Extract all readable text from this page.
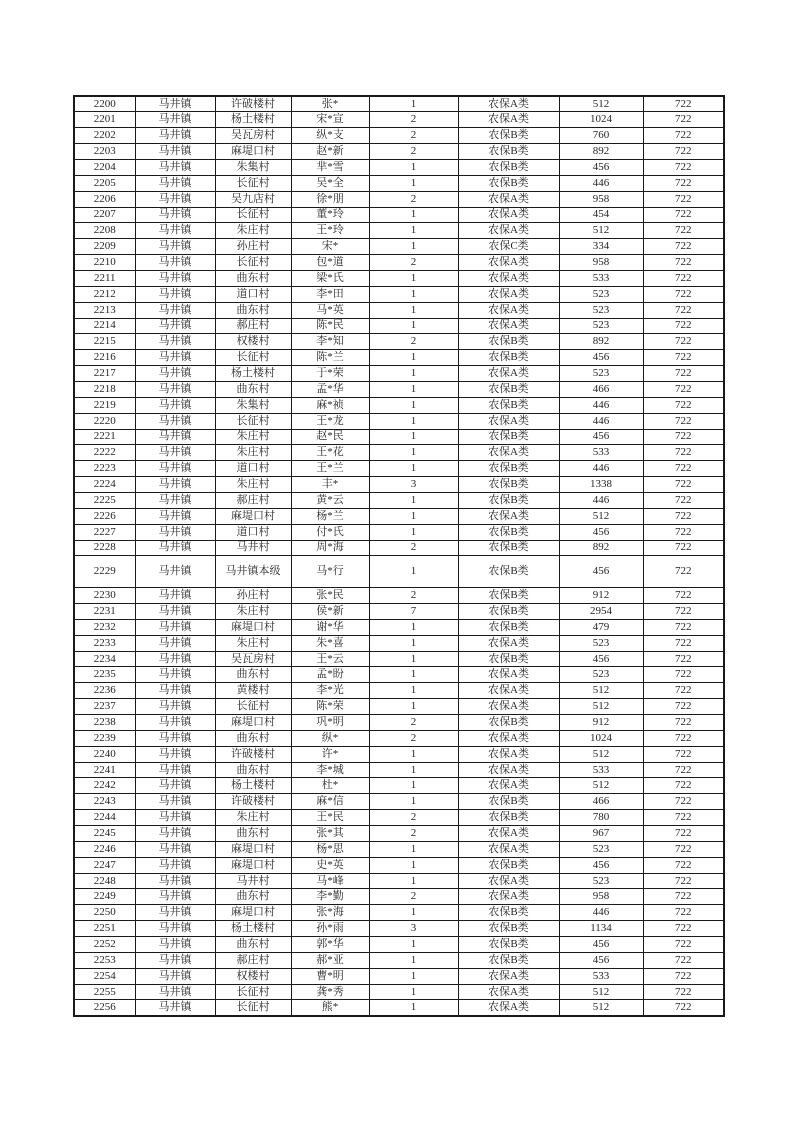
2200	马井镇	许破楼村	张*	1	农保A类	512	722
2201	马井镇	杨土楼村	宋*宣	2	农保A类	1024	722
2202	马井镇	吴瓦房村	纵*支	2	农保B类	760	722
2203	马井镇	麻堤口村	赵*新	2	农保B类	892	722
2204	马井镇	朱集村	芈*雪	1	农保B类	456	722
2205	马井镇	长征村	吴*全	1	农保B类	446	722
2206	马井镇	吴九店村	徐*朋	2	农保A类	958	722
2207	马井镇	长征村	董*玲	1	农保A类	454	722
2208	马井镇	朱庄村	王*玲	1	农保A类	512	722
2209	马井镇	孙庄村	宋*	1	农保C类	334	722
2210	马井镇	长征村	包*道	2	农保A类	958	722
2211	马井镇	曲东村	梁*氏	1	农保A类	533	722
2212	马井镇	道口村	李*田	1	农保A类	523	722
2213	马井镇	曲东村	马*英	1	农保A类	523	722
2214	马井镇	郝庄村	陈*民	1	农保A类	523	722
2215	马井镇	权楼村	李*知	2	农保B类	892	722
2216	马井镇	长征村	陈*兰	1	农保B类	456	722
2217	马井镇	杨土楼村	于*荣	1	农保A类	523	722
2218	马井镇	曲东村	孟*华	1	农保B类	466	722
2219	马井镇	朱集村	麻*祯	1	农保B类	446	722
2220	马井镇	长征村	王*龙	1	农保A类	446	722
2221	马井镇	朱庄村	赵*民	1	农保B类	456	722
2222	马井镇	朱庄村	王*花	1	农保A类	533	722
2223	马井镇	道口村	王*兰	1	农保B类	446	722
2224	马井镇	朱庄村	丰*	3	农保B类	1338	722
2225	马井镇	郝庄村	黄*云	1	农保B类	446	722
2226	马井镇	麻堤口村	杨*兰	1	农保A类	512	722
2227	马井镇	道口村	付*氏	1	农保B类	456	722
2228	马井镇	马井村	周*海	2	农保B类	892	722
2229	马井镇	马井镇本级	马*行	1	农保B类	456	722
2230	马井镇	孙庄村	张*民	2	农保B类	912	722
2231	马井镇	朱庄村	侯*新	7	农保B类	2954	722
2232	马井镇	麻堤口村	谢*华	1	农保B类	479	722
2233	马井镇	朱庄村	朱*喜	1	农保A类	523	722
2234	马井镇	吴瓦房村	王*云	1	农保B类	456	722
2235	马井镇	曲东村	孟*盼	1	农保A类	523	722
2236	马井镇	黄楼村	李*光	1	农保A类	512	722
2237	马井镇	长征村	陈*荣	1	农保A类	512	722
2238	马井镇	麻堤口村	巩*明	2	农保B类	912	722
2239	马井镇	曲东村	纵*	2	农保A类	1024	722
2240	马井镇	许破楼村	许*	1	农保A类	512	722
2241	马井镇	曲东村	李*城	1	农保A类	533	722
2242	马井镇	杨土楼村	杜*	1	农保A类	512	722
2243	马井镇	许破楼村	麻*信	1	农保B类	466	722
2244	马井镇	朱庄村	王*民	2	农保B类	780	722
2245	马井镇	曲东村	张*其	2	农保A类	967	722
2246	马井镇	麻堤口村	杨*思	1	农保A类	523	722
2247	马井镇	麻堤口村	史*英	1	农保B类	456	722
2248	马井镇	马井村	马*峰	1	农保A类	523	722
2249	马井镇	曲东村	李*勤	2	农保A类	958	722
2250	马井镇	麻堤口村	张*海	1	农保B类	446	722
2251	马井镇	杨土楼村	孙*雨	3	农保B类	1134	722
2252	马井镇	曲东村	郭*华	1	农保B类	456	722
2253	马井镇	郝庄村	郝*亚	1	农保B类	456	722
2254	马井镇	权楼村	曹*明	1	农保A类	533	722
2255	马井镇	长征村	龚*秀	1	农保A类	512	722
2256	马井镇	长征村	熊*	1	农保A类	512	722
